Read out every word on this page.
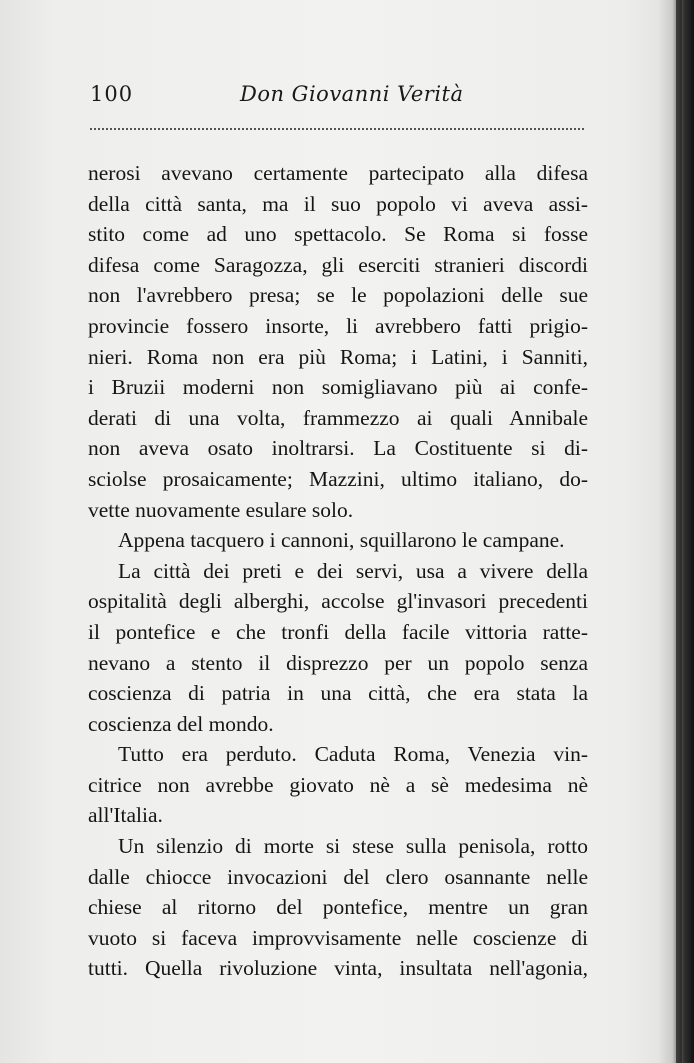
100	Don Giovanni Verità
nerosi avevano certamente partecipato alla difesa
della città santa, ma il suo popolo vi aveva assi-
stito come ad uno spettacolo. Se Roma si fosse
difesa come Saragozza, gli eserciti stranieri discordi
non l'avrebbero presa; se le popolazioni delle sue
provincie fossero insorte, li avrebbero fatti prigio-
nieri. Roma non era più Roma; i Latini, i Sanniti,
i Bruzii moderni non somigliavano più ai confe-
derati di una volta, frammezzo ai quali Annibale
non aveva osato inoltrarsi. La Costituente si di-
sciolse prosaicamente; Mazzini, ultimo italiano, do-
vette nuovamente esulare solo.
Appena tacquero i cannoni, squillarono le campane.
La città dei preti e dei servi, usa a vivere della
ospitalità degli alberghi, accolse gl'invasori precedenti
il pontefice e che tronfi della facile vittoria ratte-
nevano a stento il disprezzo per un popolo senza
coscienza di patria in una città, che era stata la
coscienza del mondo.
Tutto era perduto. Caduta Roma, Venezia vin-
citrice non avrebbe giovato nè a sè medesima nè
all'Italia.
Un silenzio di morte si stese sulla penisola, rotto
dalle chiocce invocazioni del clero osannante nelle
chiese al ritorno del pontefice, mentre un gran
vuoto si faceva improvvisamente nelle coscienze di
tutti. Quella rivoluzione vinta, insultata nell'agonia,
